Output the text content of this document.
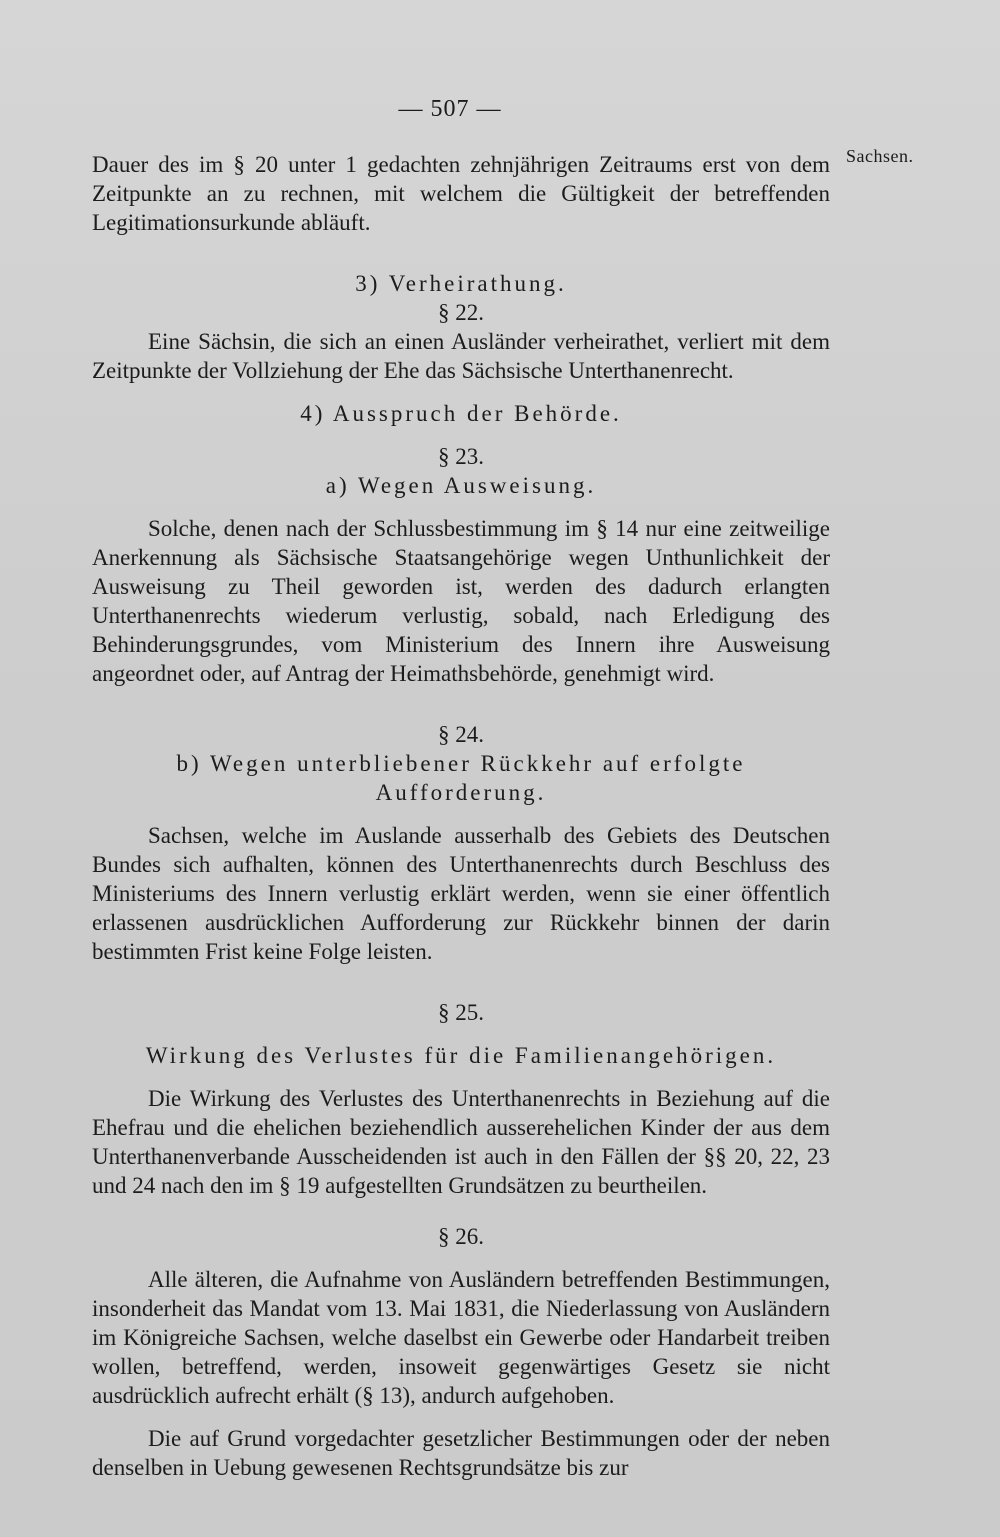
— 507 —
Sachsen.

Dauer des im § 20 unter 1 gedachten zehnjährigen Zeitraums erst von dem Zeitpunkte an zu rechnen, mit welchem die Gültigkeit der betreffenden Legitimationsurkunde abläuft.

3) Verheirathung.
§ 22.

Eine Sächsin, die sich an einen Ausländer verheirathet, verliert mit dem Zeitpunkte der Vollziehung der Ehe das Sächsische Unterthanenrecht.

4) Ausspruch der Behörde.
§ 23.
a) Wegen Ausweisung.

Solche, denen nach der Schlussbestimmung im § 14 nur eine zeitweilige Anerkennung als Sächsische Staatsangehörige wegen Unthunlichkeit der Ausweisung zu Theil geworden ist, werden des dadurch erlangten Unterthanenrechts wiederum verlustig, sobald, nach Erledigung des Behinderungsgrundes, vom Ministerium des Innern ihre Ausweisung angeordnet oder, auf Antrag der Heimathsbehörde, genehmigt wird.

§ 24.
b) Wegen unterbliebener Rückkehr auf erfolgte
Aufforderung.

Sachsen, welche im Auslande ausserhalb des Gebiets des Deutschen Bundes sich aufhalten, können des Unterthanenrechts durch Beschluss des Ministeriums des Innern verlustig erklärt werden, wenn sie einer öffentlich erlassenen ausdrücklichen Aufforderung zur Rückkehr binnen der darin bestimmten Frist keine Folge leisten.

§ 25.
Wirkung des Verlustes für die Familienangehörigen.

Die Wirkung des Verlustes des Unterthanenrechts in Beziehung auf die Ehefrau und die ehelichen beziehendlich ausserehelichen Kinder der aus dem Unterthanenverbande Ausscheidenden ist auch in den Fällen der §§ 20, 22, 23 und 24 nach den im § 19 aufgestellten Grundsätzen zu beurtheilen.

§ 26.

Alle älteren, die Aufnahme von Ausländern betreffenden Bestimmungen, insonderheit das Mandat vom 13. Mai 1831, die Niederlassung von Ausländern im Königreiche Sachsen, welche daselbst ein Gewerbe oder Handarbeit treiben wollen, betreffend, werden, insoweit gegenwärtiges Gesetz sie nicht ausdrücklich aufrecht erhält (§ 13), andurch aufgehoben.

Die auf Grund vorgedachter gesetzlicher Bestimmungen oder der neben denselben in Uebung gewesenen Rechtsgrundsätze bis zur
